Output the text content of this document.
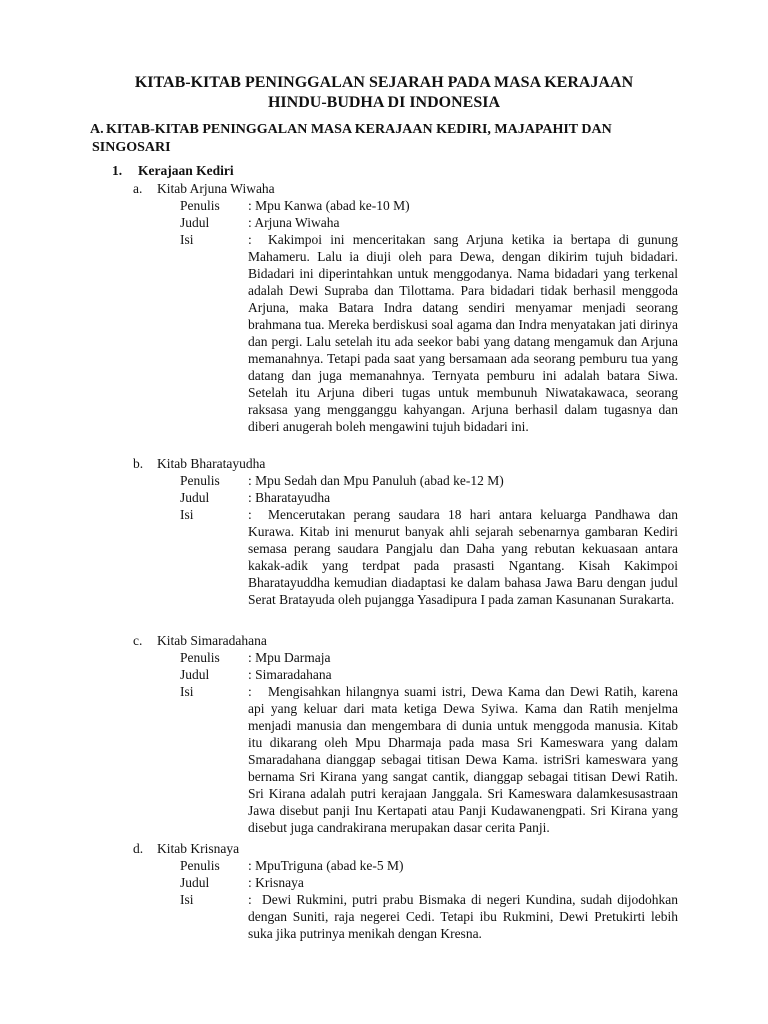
KITAB-KITAB PENINGGALAN SEJARAH PADA MASA KERAJAAN
HINDU-BUDHA DI INDONESIA
A. KITAB-KITAB PENINGGALAN MASA KERAJAAN KEDIRI, MAJAPAHIT DAN
SINGOSARI
1. Kerajaan Kediri
a. Kitab Arjuna Wiwaha
Penulis : Mpu Kanwa (abad ke-10 M)
Judul	: Arjuna Wiwaha
Isi	:	Kakimpoi ini menceritakan sang Arjuna ketika ia bertapa di gunung Mahameru. Lalu ia diuji oleh para Dewa, dengan dikirim tujuh bidadari. Bidadari ini diperintahkan untuk menggodanya. Nama bidadari yang terkenal adalah Dewi Supraba dan Tilottama. Para bidadari tidak berhasil menggoda Arjuna, maka Batara Indra datang sendiri menyamar menjadi seorang brahmana tua. Mereka berdiskusi soal agama dan Indra menyatakan jati dirinya dan pergi. Lalu setelah itu ada seekor babi yang datang mengamuk dan Arjuna memanahnya. Tetapi pada saat yang bersamaan ada seorang pemburu tua yang datang dan juga memanahnya. Ternyata pemburu ini adalah batara Siwa. Setelah itu Arjuna diberi tugas untuk membunuh Niwatakawaca, seorang raksasa yang mengganggu kahyangan. Arjuna berhasil dalam tugasnya dan diberi anugerah boleh mengawini tujuh bidadari ini.
b. Kitab Bharatayudha
Penulis : Mpu Sedah dan Mpu Panuluh (abad ke-12 M)
Judul	: Bharatayudha
Isi	:	Mencerutakan perang saudara 18 hari antara keluarga Pandhawa dan Kurawa. Kitab ini menurut banyak ahli sejarah sebenarnya gambaran Kediri semasa perang saudara Pangjalu dan Daha yang rebutan kekuasaan antara kakak-adik yang terdpat pada prasasti Ngantang. Kisah Kakimpoi Bharatayuddha kemudian diadaptasi ke dalam bahasa Jawa Baru dengan judul Serat Bratayuda oleh pujangga Yasadipura I pada zaman Kasunanan Surakarta.
c. Kitab Simaradahana
Penulis : Mpu Darmaja
Judul	: Simaradahana
Isi	:	Mengisahkan hilangnya suami istri, Dewa Kama dan Dewi Ratih, karena api yang keluar dari mata ketiga Dewa Syiwa. Kama dan Ratih menjelma menjadi manusia dan mengembara di dunia untuk menggoda manusia. Kitab itu dikarang oleh Mpu Dharmaja pada masa Sri Kameswara yang dalam Smaradahana dianggap sebagai titisan Dewa Kama. istriSri kameswara yang bernama Sri Kirana yang sangat cantik, dianggap sebagai titisan Dewi Ratih. Sri Kirana adalah putri kerajaan Janggala. Sri Kameswara dalamkesusastraan Jawa disebut panji Inu Kertapati atau Panji Kudawanengpati. Sri Kirana yang disebut juga candrakirana merupakan dasar cerita Panji.
d. Kitab Krisnaya
Penulis : MpuTriguna (abad ke-5 M)
Judul	: Krisnaya
Isi	: Dewi Rukmini, putri prabu Bismaka di negeri Kundina, sudah dijodohkan dengan Suniti, raja negerei Cedi. Tetapi ibu Rukmini, Dewi Pretukirti lebih suka jika putrinya menikah dengan Kresna.
